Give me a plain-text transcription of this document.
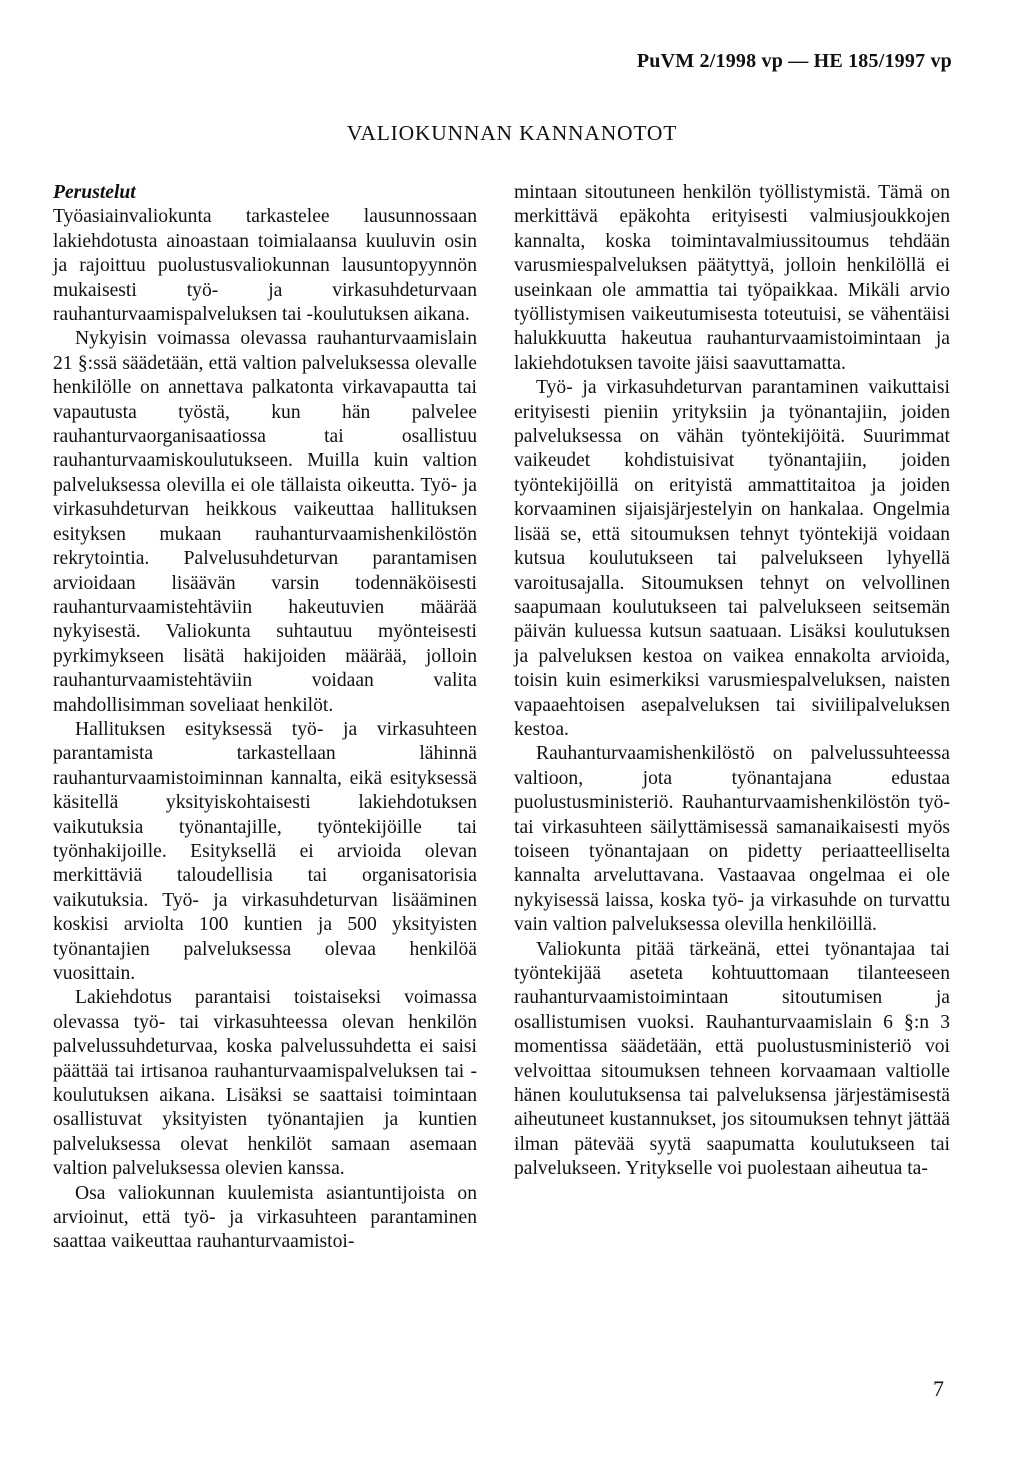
PuVM 2/1998 vp — HE 185/1997 vp
VALIOKUNNAN KANNANOTOT

Perustelut

Työasiainvaliokunta tarkastelee lausunnossaan lakiehdotusta ainoastaan toimialaansa kuuluvin osin ja rajoittuu puolustusvaliokunnan lausuntopyynnön mukaisesti työ- ja virkasuhdeturvaan rauhanturvaamispalveluksen tai -koulutuksen aikana.

Nykyisin voimassa olevassa rauhanturvaamislain 21 §:ssä säädetään, että valtion palveluksessa olevalle henkilölle on annettava palkatonta virkavapautta tai vapautusta työstä, kun hän palvelee rauhanturvaorganisaatiossa tai osallistuu rauhanturvaamiskoulutukseen. Muilla kuin valtion palveluksessa olevilla ei ole tällaista oikeutta. Työ- ja virkasuhdeturvan heikkous vaikeuttaa hallituksen esityksen mukaan rauhanturvaamishenkilöstön rekrytointia. Palvelusuhdeturvan parantamisen arvioidaan lisäävän varsin todennäköisesti rauhanturvaamistehtäviin hakeutuvien määrää nykyisestä. Valiokunta suhtautuu myönteisesti pyrkimykseen lisätä hakijoiden määrää, jolloin rauhanturvaamistehtäviin voidaan valita mahdollisimman soveliaat henkilöt.

Hallituksen esityksessä työ- ja virkasuhteen parantamista tarkastellaan lähinnä rauhanturvaamistoiminnan kannalta, eikä esityksessä käsitellä yksityiskohtaisesti lakiehdotuksen vaikutuksia työnantajille, työntekijöille tai työnhakijoille. Esityksellä ei arvioida olevan merkittäviä taloudellisia tai organisatorisia vaikutuksia. Työ- ja virkasuhdeturvan lisääminen koskisi arviolta 100 kuntien ja 500 yksityisten työnantajien palveluksessa olevaa henkilöä vuosittain.

Lakiehdotus parantaisi toistaiseksi voimassa olevassa työ- tai virkasuhteessa olevan henkilön palvelussuhdeturvaa, koska palvelussuhdetta ei saisi päättää tai irtisanoa rauhanturvaamispalveluksen tai -koulutuksen aikana. Lisäksi se saattaisi toimintaan osallistuvat yksityisten työnantajien ja kuntien palveluksessa olevat henkilöt samaan asemaan valtion palveluksessa olevien kanssa.

Osa valiokunnan kuulemista asiantuntijoista on arvioinut, että työ- ja virkasuhteen parantaminen saattaa vaikeuttaa rauhanturvaamistoi-

mintaan sitoutuneen henkilön työllistymistä. Tämä on merkittävä epäkohta erityisesti valmiusjoukkojen kannalta, koska toimintavalmiussitoumus tehdään varusmiespalveluksen päätyttyä, jolloin henkilöllä ei useinkaan ole ammattia tai työpaikkaa. Mikäli arvio työllistymisen vaikeutumisesta toteutuisi, se vähentäisi halukkuutta hakeutua rauhanturvaamistoimintaan ja lakiehdotuksen tavoite jäisi saavuttamatta.

Työ- ja virkasuhdeturvan parantaminen vaikuttaisi erityisesti pieniin yrityksiin ja työnantajiin, joiden palveluksessa on vähän työntekijöitä. Suurimmat vaikeudet kohdistuisivat työnantajiin, joiden työntekijöillä on erityistä ammattitaitoa ja joiden korvaaminen sijaisjärjestelyin on hankalaa. Ongelmia lisää se, että sitoumuksen tehnyt työntekijä voidaan kutsua koulutukseen tai palvelukseen lyhyellä varoitusajalla. Sitoumuksen tehnyt on velvollinen saapumaan koulutukseen tai palvelukseen seitsemän päivän kuluessa kutsun saatuaan. Lisäksi koulutuksen ja palveluksen kestoa on vaikea ennakolta arvioida, toisin kuin esimerkiksi varusmiespalveluksen, naisten vapaaehtoisen asepalveluksen tai siviilipalveluksen kestoa.

Rauhanturvaamishenkilöstö on palvelussuhteessa valtioon, jota työnantajana edustaa puolustusministeriö. Rauhanturvaamishenkilöstön työ- tai virkasuhteen säilyttämisessä samanaikaisesti myös toiseen työnantajaan on pidetty periaatteelliselta kannalta arveluttavana. Vastaavaa ongelmaa ei ole nykyisessä laissa, koska työ- ja virkasuhde on turvattu vain valtion palveluksessa olevilla henkilöillä.

Valiokunta pitää tärkeänä, ettei työnantajaa tai työntekijää aseteta kohtuuttomaan tilanteeseen rauhanturvaamistoimintaan sitoutumisen ja osallistumisen vuoksi. Rauhanturvaamislain 6 §:n 3 momentissa säädetään, että puolustusministeriö voi velvoittaa sitoumuksen tehneen korvaamaan valtiolle hänen koulutuksensa tai palveluksensa järjestämisestä aiheutuneet kustannukset, jos sitoumuksen tehnyt jättää ilman pätevää syytä saapumatta koulutukseen tai palvelukseen. Yritykselle voi puolestaan aiheutua ta-

7
